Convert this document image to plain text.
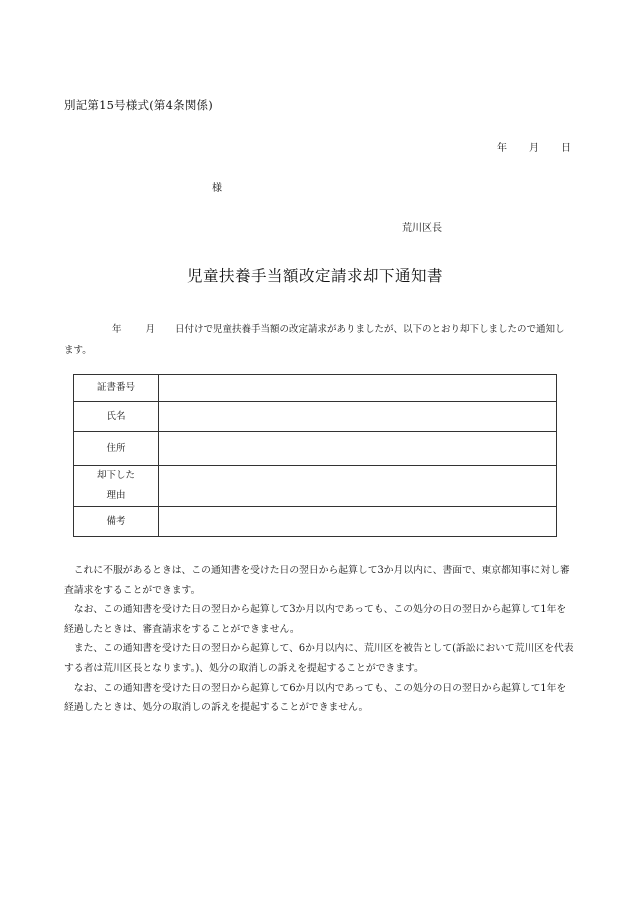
別記第15号様式(第4条関係)
年 月 日
様
荒川区長
児童扶養手当額改定請求却下通知書
年	月 日付けで児童扶養手当額の改定請求がありましたが、以下のとおり却下しましたので通知します。
証書番号	

氏名	

住所	

却下した
理由	

備考	

　これに不服があるときは、この通知書を受けた日の翌日から起算して3か月以内に、書面で、東京都知事に対し審査請求をすることができます。

　なお、この通知書を受けた日の翌日から起算して3か月以内であっても、この処分の日の翌日から起算して1年を経過したときは、審査請求をすることができません。

　また、この通知書を受けた日の翌日から起算して、6か月以内に、荒川区を被告として(訴訟において荒川区を代表する者は荒川区長となります。)、処分の取消しの訴えを提起することができます。

　なお、この通知書を受けた日の翌日から起算して6か月以内であっても、この処分の日の翌日から起算して1年を経過したときは、処分の取消しの訴えを提起することができません。
